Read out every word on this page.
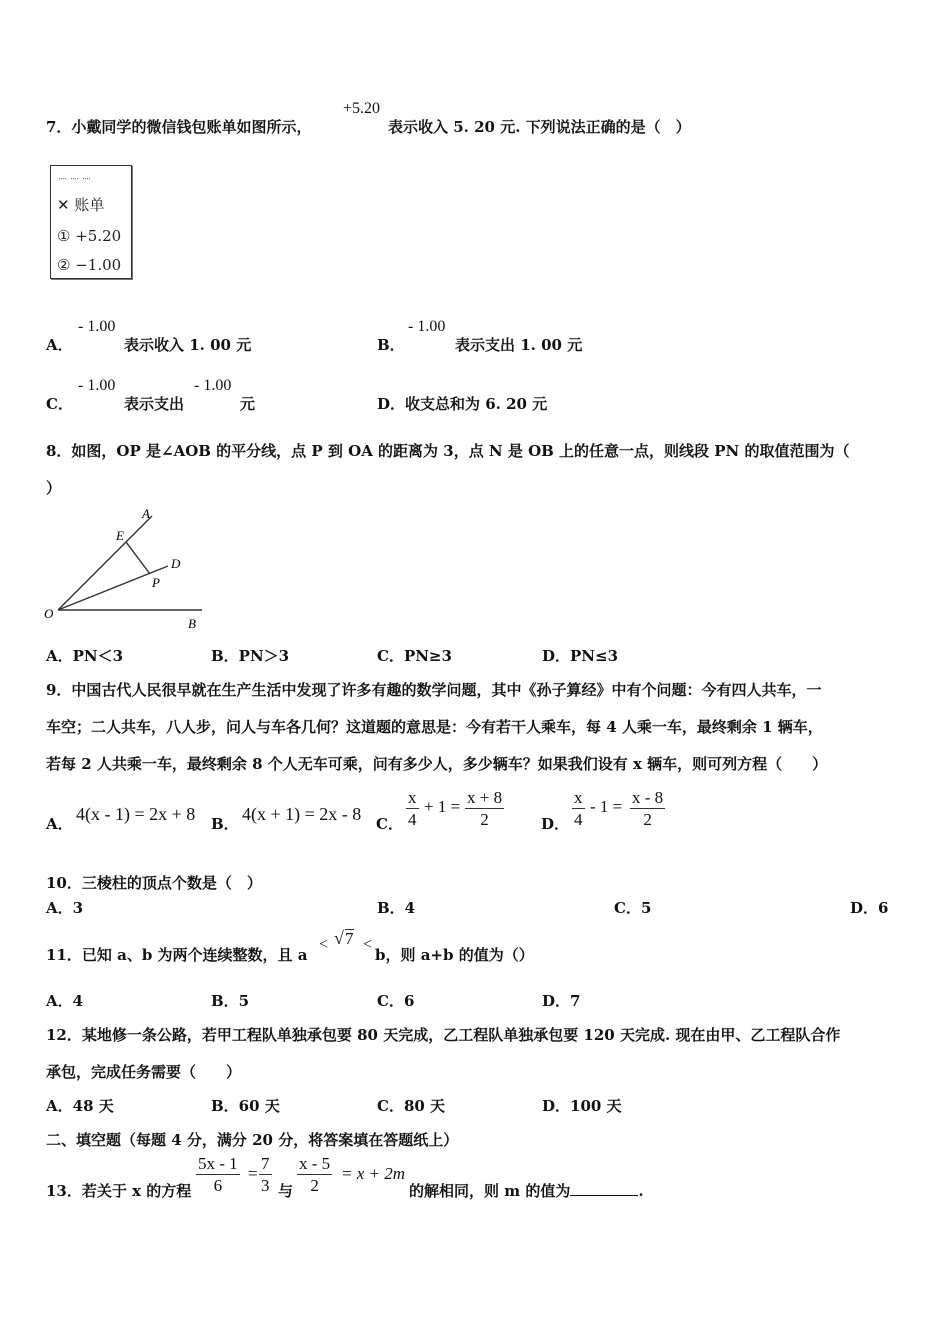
7．小戴同学的微信钱包账单如图所示，
+5.20
表示收入 5. 20 元. 下列说法正确的是（　）
᠁ ᠁ ᠁
✕ 账单
① +5.20
② −1.00
A．
- 1.00
表示收入 1. 00 元	B．
- 1.00
表示支出 1. 00 元
C．
- 1.00
表示支出
- 1.00
元	D．收支总和为 6. 20 元
8．如图，OP 是∠AOB 的平分线，点 P 到 OA 的距离为 3，点 N 是 OB 上的任意一点，则线段 PN 的取值范围为（
）
A
E
D
P
O
B
A．PN＜3	B．PN＞3	C．PN≥3	D．PN≤3
9．中国古代人民很早就在生产生活中发现了许多有趣的数学问题，其中《孙子算经》中有个问题：今有四人共车，一
车空；二人共车，八人步，问人与车各几何？这道题的意思是：今有若干人乘车，每 4 人乘一车，最终剩余 1 辆车，
若每 2 人共乘一车，最终剩余 8 个人无车可乘，问有多少人，多少辆车？如果我们设有 x 辆车，则可列方程（　　）
A． 4(x - 1) = 2x + 8 B． 4(x + 1) = 2x - 8 C． $\frac{x}{4} + 1 = \frac{x + 8}{2}$ D． $\frac{x}{4} - 1 = \frac{x - 8}{2}$
10．三棱柱的顶点个数是（　）
A．3	B．4	C．5	D．6
11．已知 a、b 为两个连续整数，且 a
< √ 7 <
b，则 a+b 的值为（）
A．4	B．5	C．6	D．7
12．某地修一条公路，若甲工程队单独承包要 80 天完成，乙工程队单独承包要 120 天完成. 现在由甲、乙工程队合作
承包，完成任务需要（　　）
A．48 天	B．60 天	C．80 天	D．100 天
二、填空题（每题 4 分，满分 20 分，将答案填在答题纸上）
13．若关于 x 的方程 $\frac{5x - 1}{6} = \frac{7}{3}$ 与 $\frac{x - 5}{2} = x + 2m$
的解相同，则 m 的值为	.
